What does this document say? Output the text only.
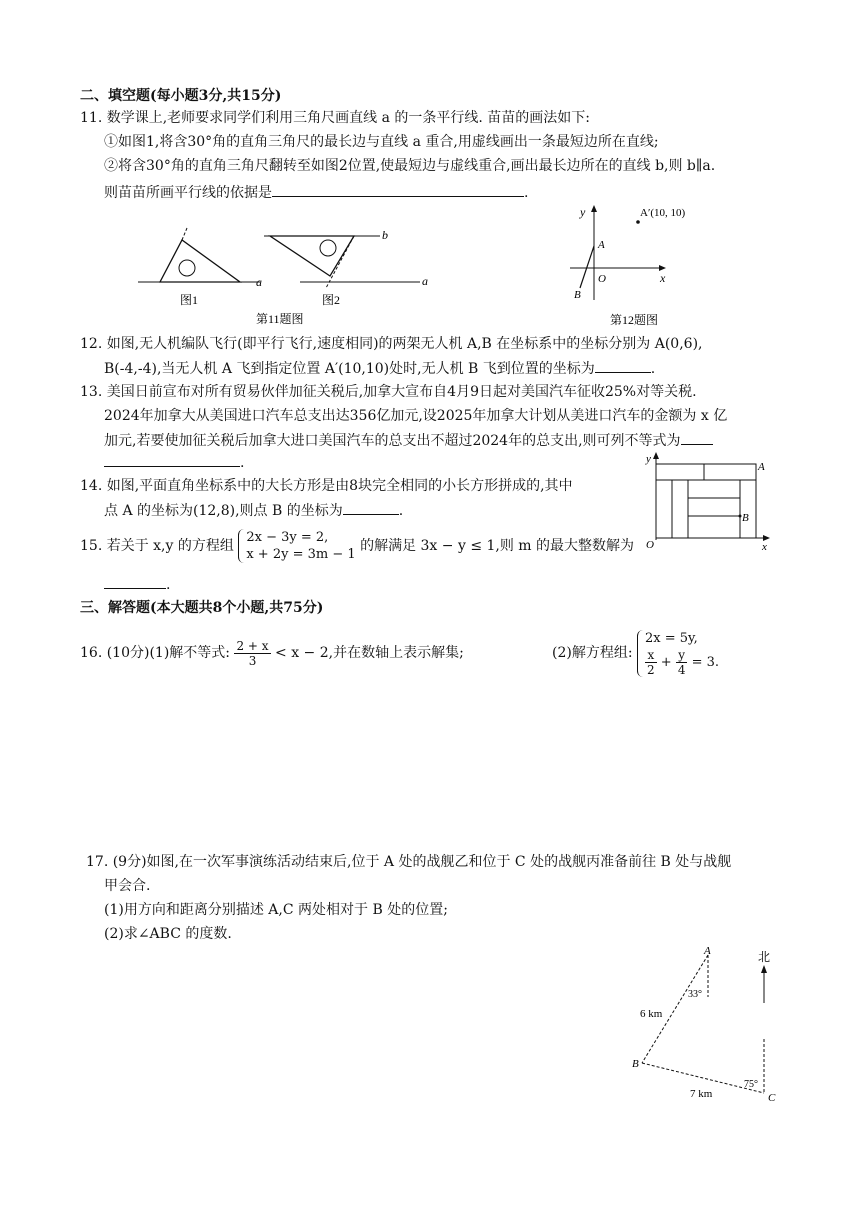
二、填空题(每小题3分,共15分)
11. 数学课上,老师要求同学们利用三角尺画直线 a 的一条平行线. 苗苗的画法如下:
①如图1,将含30°角的直角三角尺的最长边与直线 a 重合,用虚线画出一条最短边所在直线;
②将含30°角的直角三角尺翻转至如图2位置,使最短边与虚线重合,画出最长边所在的直线 b,则 b∥a.
则苗苗所画平行线的依据是	.
a
图1
b
a
图2
第11题图
y
x
O
A
B
A′(10, 10)
第12题图
12. 如图,无人机编队飞行(即平行飞行,速度相同)的两架无人机 A,B 在坐标系中的坐标分别为 A(0,6),
B(-4,-4),当无人机 A 飞到指定位置 A′(10,10)处时,无人机 B 飞到位置的坐标为	.
13. 美国日前宣布对所有贸易伙伴加征关税后,加拿大宣布自4月9日起对美国汽车征收25%对等关税.
2024年加拿大从美国进口汽车总支出达356亿加元,设2025年加拿大计划从美进口汽车的金额为 x 亿
加元,若要使加征关税后加拿大进口美国汽车的总支出不超过2024年的总支出,则可列不等式为
.
14. 如图,平面直角坐标系中的大长方形是由8块完全相同的小长方形拼成的,其中
点 A 的坐标为(12,8),则点 B 的坐标为	.
y
x
O
A
B
15. 若关于 x,y 的方程组
2x − 3y = 2,
x + 2y = 3m − 1
的解满足 3x − y ≤ 1,则 m 的最大整数解为
.
三、解答题(本大题共8个小题,共75分)
16. (10分)(1)解不等式: $\frac{2 + x}{3} < x - 2$,并在数轴上表示解集;	(2)解方程组:
2x = 5y,
$\frac{x}{2} + \frac{y}{4} = 3$.
17. (9分)如图,在一次军事演练活动结束后,位于 A 处的战舰乙和位于 C 处的战舰丙准备前往 B 处与战舰
甲会合.
(1)用方向和距离分别描述 A,C 两处相对于 B 处的位置;
(2)求∠ABC 的度数.
北
A
B
C
33°
75°
6 km
7 km
